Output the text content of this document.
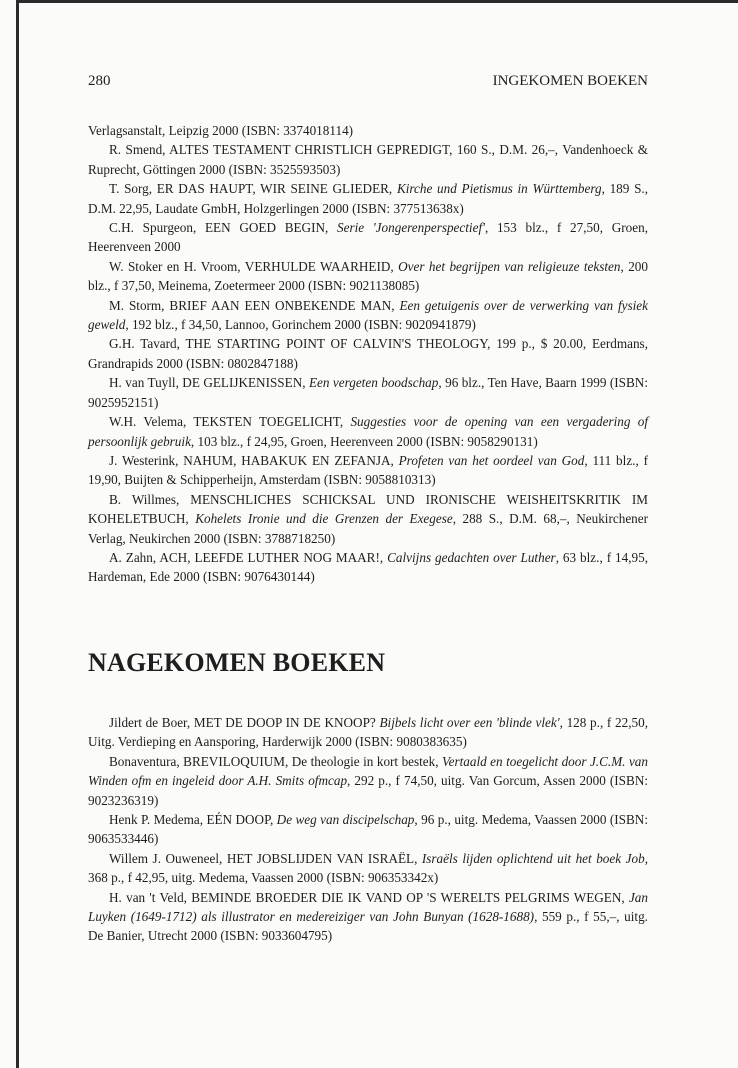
280	INGEKOMEN BOEKEN

Verlagsanstalt, Leipzig 2000 (ISBN: 3374018114)

R. Smend, ALTES TESTAMENT CHRISTLICH GEPREDIGT, 160 S., D.M. 26,–, Vandenhoeck & Ruprecht, Göttingen 2000 (ISBN: 3525593503)

T. Sorg, ER DAS HAUPT, WIR SEINE GLIEDER, Kirche und Pietismus in Württemberg, 189 S., D.M. 22,95, Laudate GmbH, Holzgerlingen 2000 (ISBN: 377513638x)

C.H. Spurgeon, EEN GOED BEGIN, Serie 'Jongerenperspectief', 153 blz., f 27,50, Groen, Heerenveen 2000

W. Stoker en H. Vroom, VERHULDE WAARHEID, Over het begrijpen van religieuze teksten, 200 blz., f 37,50, Meinema, Zoetermeer 2000 (ISBN: 9021138085)

M. Storm, BRIEF AAN EEN ONBEKENDE MAN, Een getuigenis over de verwerking van fysiek geweld, 192 blz., f 34,50, Lannoo, Gorinchem 2000 (ISBN: 9020941879)

G.H. Tavard, THE STARTING POINT OF CALVIN'S THEOLOGY, 199 p., $ 20.00, Eerdmans, Grandrapids 2000 (ISBN: 0802847188)

H. van Tuyll, DE GELIJKENISSEN, Een vergeten boodschap, 96 blz., Ten Have, Baarn 1999 (ISBN: 9025952151)

W.H. Velema, TEKSTEN TOEGELICHT, Suggesties voor de opening van een vergadering of persoonlijk gebruik, 103 blz., f 24,95, Groen, Heerenveen 2000 (ISBN: 9058290131)

J. Westerink, NAHUM, HABAKUK EN ZEFANJA, Profeten van het oordeel van God, 111 blz., f 19,90, Buijten & Schipperheijn, Amsterdam (ISBN: 9058810313)

B. Willmes, MENSCHLICHES SCHICKSAL UND IRONISCHE WEISHEITSKRITIK IM KOHELETBUCH, Kohelets Ironie und die Grenzen der Exegese, 288 S., D.M. 68,–, Neukirchener Verlag, Neukirchen 2000 (ISBN: 3788718250)

A. Zahn, ACH, LEEFDE LUTHER NOG MAAR!, Calvijns gedachten over Luther, 63 blz., f 14,95, Hardeman, Ede 2000 (ISBN: 9076430144)

NAGEKOMEN BOEKEN

Jildert de Boer, MET DE DOOP IN DE KNOOP? Bijbels licht over een 'blinde vlek', 128 p., f 22,50, Uitg. Verdieping en Aansporing, Harderwijk 2000 (ISBN: 9080383635)

Bonaventura, BREVILOQUIUM, De theologie in kort bestek, Vertaald en toegelicht door J.C.M. van Winden ofm en ingeleid door A.H. Smits ofmcap, 292 p., f 74,50, uitg. Van Gorcum, Assen 2000 (ISBN: 9023236319)

Henk P. Medema, EÉN DOOP, De weg van discipelschap, 96 p., uitg. Medema, Vaassen 2000 (ISBN: 9063533446)

Willem J. Ouweneel, HET JOBSLIJDEN VAN ISRAËL, Israëls lijden oplichtend uit het boek Job, 368 p., f 42,95, uitg. Medema, Vaassen 2000 (ISBN: 906353342x)

H. van 't Veld, BEMINDE BROEDER DIE IK VAND OP 'S WERELTS PELGRIMS WEGEN, Jan Luyken (1649-1712) als illustrator en medereiziger van John Bunyan (1628-1688), 559 p., f 55,–, uitg. De Banier, Utrecht 2000 (ISBN: 9033604795)
